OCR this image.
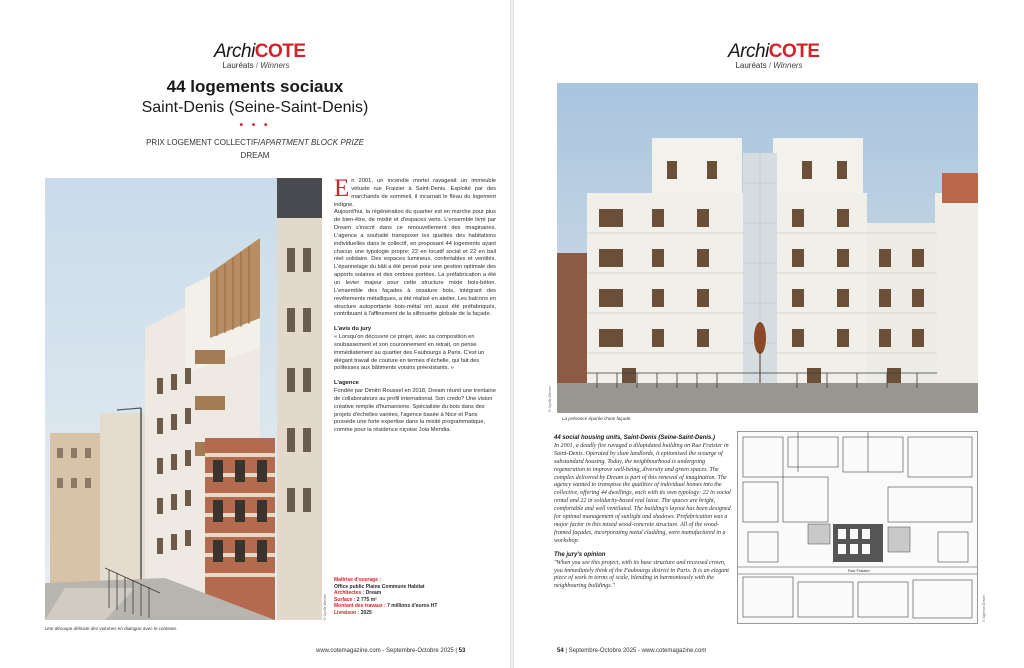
ArchiCOTE
Lauréats / Winners
44 logements sociaux
Saint-Denis (Seine-Saint-Denis)
• • •
PRIX LOGEMENT COLLECTIF/APARTMENT BLOCK PRIZE
DREAM
Une découpe délicate des volumes en dialogue avec le contexte.
© Cyrille Weiner
En 2001, un incendie mortel ravageait un immeuble vétuste rue Fraizier à Saint-Denis. Exploité par des marchands de sommeil, il incarnait le fléau du logement indigne.
Aujourd'hui, la régénération du quartier est en marche pour plus de bien-être, de mixité et d'espaces verts. L'ensemble livré par Dream s'inscrit dans ce renouvellement des imaginaires. L'agence a souhaité transposer les qualités des habitations individuelles dans le collectif, en proposant 44 logements ayant chacun une typologie propre: 22 en locatif social et 22 en bail réel solidaire. Des espaces lumineux, confortables et ventilés. L'épannelage du bâti a été pensé pour une gestion optimale des apports solaires et des ombres portées. La préfabrication a été un levier majeur pour cette structure mixte bois-béton. L'ensemble des façades à ossature bois, intégrant des revêtements métalliques, a été réalisé en atelier. Les balcons en structure autoportante bois-métal ont aussi été préfabriqués, contribuant à l'affinement de la silhouette globale de la façade.
L'avis du jury
« Lorsqu'on découvre ce projet, avec sa composition en soubassement et son couronnement en retrait, on pense immédiatement au quartier des Faubourgs à Paris. C'est un élégant travail de couture en termes d'échelle, qui fait des politesses aux bâtiments voisins préexistants. »
L'agence
Fondée par Dimitri Roussel en 2018, Dream réunit une trentaine de collaborateurs au profil international. Son credo? Une vision créative remplie d'humanisme. Spécialiste du bois dans des projets d'échelles variées, l'agence basée à Nice et Paris possède une forte expertise dans la mixité programmatique, comme pour la résidence niçoise Joia Meridia.
Maîtrise d'ouvrage :
Office public Plaine Commune Habitat
Architectes : Dream
Surface : 2 775 m²
Montant des travaux : 7 millions d'euros HT
Livraison : 2025
www.cotemagazine.com - Septembre-Octobre 2025 | 53
ArchiCOTE
Lauréats / Winners
© Cyrille Weiner
La présence épurée d'une façade.
44 social housing units, Saint-Denis (Seine-Saint-Denis.)
In 2001, a deadly fire ravaged a dilapidated building on Rue Fraizier in Saint-Denis. Operated by slum landlords, it epitomised the scourge of substandard housing. Today, the neighbourhood is undergoing regeneration to improve well-being, diversity and green spaces. The complex delivered by Dream is part of this renewal of imagination. The agency wanted to transpose the qualities of individual homes into the collective, offering 44 dwellings, each with its own typology: 22 in social rental and 22 in solidarity-based real lease. The spaces are bright, comfortable and well ventilated. The building's layout has been designed for optimal management of sunlight and shadows. Prefabrication was a major factor in this mixed wood-concrete structure. All of the wood-framed façades, incorporating metal cladding, were manufactured in a workshop.
The jury's opinion
"When you see this project, with its base structure and recessed crown, you immediately think of the Faubourgs district in Paris. It is an elegant piece of work in terms of scale, blending in harmoniously with the neighbouring buildings."
Rue Fraizier
© Agence Dream
54 | Septembre-Octobre 2025 - www.cotemagazine.com
